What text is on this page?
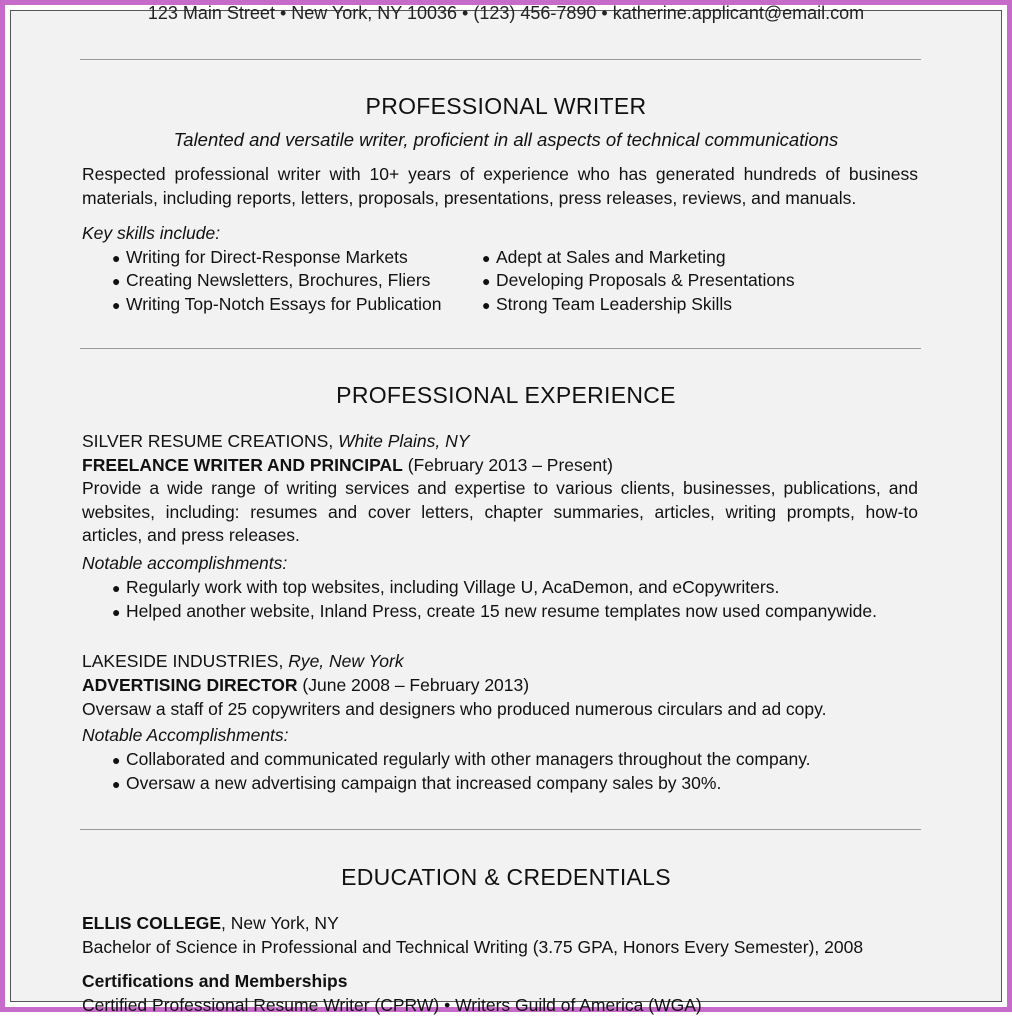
123 Main Street • New York, NY 10036 • (123) 456-7890 • katherine.applicant@email.com
PROFESSIONAL WRITER
Talented and versatile writer, proficient in all aspects of technical communications
Respected professional writer with 10+ years of experience who has generated hundreds of business materials, including reports, letters, proposals, presentations, press releases, reviews, and manuals.
Key skills include:
● Writing for Direct-Response Markets
● Creating Newsletters, Brochures, Fliers
● Writing Top-Notch Essays for Publication
● Adept at Sales and Marketing
● Developing Proposals & Presentations
● Strong Team Leadership Skills
PROFESSIONAL EXPERIENCE
SILVER RESUME CREATIONS, White Plains, NY
FREELANCE WRITER AND PRINCIPAL (February 2013 – Present)
Provide a wide range of writing services and expertise to various clients, businesses, publications, and websites, including: resumes and cover letters, chapter summaries, articles, writing prompts, how-to articles, and press releases.
Notable accomplishments:
● Regularly work with top websites, including Village U, AcaDemon, and eCopywriters.
● Helped another website, Inland Press, create 15 new resume templates now used companywide.
LAKESIDE INDUSTRIES, Rye, New York
ADVERTISING DIRECTOR (June 2008 – February 2013)
Oversaw a staff of 25 copywriters and designers who produced numerous circulars and ad copy.
Notable Accomplishments:
● Collaborated and communicated regularly with other managers throughout the company.
● Oversaw a new advertising campaign that increased company sales by 30%.
EDUCATION & CREDENTIALS
ELLIS COLLEGE, New York, NY
Bachelor of Science in Professional and Technical Writing (3.75 GPA, Honors Every Semester), 2008
Certifications and Memberships
Certified Professional Resume Writer (CPRW) • Writers Guild of America (WGA)
